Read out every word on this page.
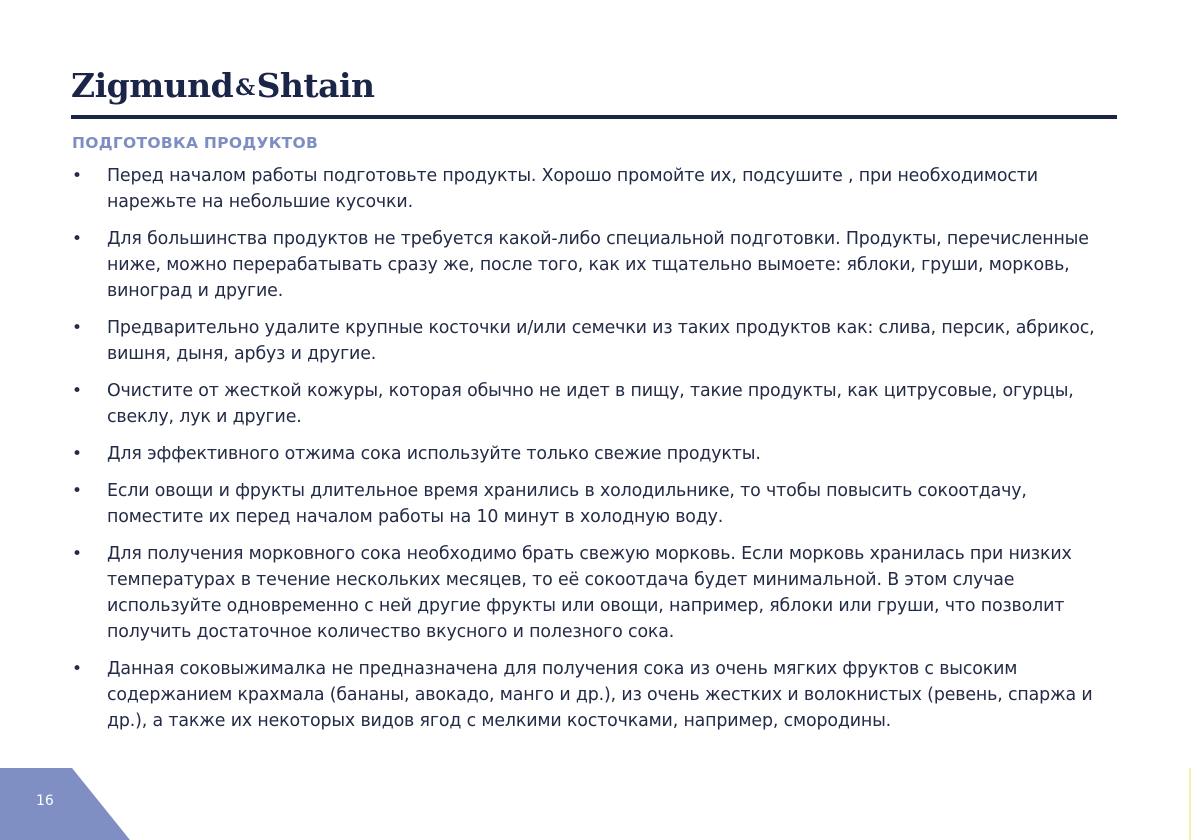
Zigmund&Shtain
ПОДГОТОВКА ПРОДУКТОВ
• Перед началом работы подготовьте продукты. Хорошо промойте их, подсушите , при необходимости нарежьте на небольшие кусочки.
• Для большинства продуктов не требуется какой-либо специальной подготовки. Продукты, перечисленные ниже, можно перерабатывать сразу же, после того, как их тщательно вымоете: яблоки, груши, морковь, виноград и другие.
• Предварительно удалите крупные косточки и/или семечки из таких продуктов как: слива, персик, абрикос, вишня, дыня, арбуз и другие.
• Очистите от жесткой кожуры, которая обычно не идет в пищу, такие продукты, как цитрусовые, огурцы, свеклу, лук и другие.
• Для эффективного отжима сока используйте только свежие продукты.
• Если овощи и фрукты длительное время хранились в холодильнике, то чтобы повысить сокоотдачу, поместите их перед началом работы на 10 минут в холодную воду.
• Для получения морковного сока необходимо брать свежую морковь. Если морковь хранилась при низких температурах в течение нескольких месяцев, то её сокоотдача будет минимальной. В этом случае используйте одновременно с ней другие фрукты или овощи, например, яблоки или груши, что позволит получить достаточное количество вкусного и полезного сока.
• Данная соковыжималка не предназначена для получения сока из очень мягких фруктов с высоким содержанием крахмала (бананы, авокадо, манго и др.), из очень жестких и волокнистых (ревень, спаржа и др.), а также их некоторых видов ягод с мелкими косточками, например, смородины.
16
